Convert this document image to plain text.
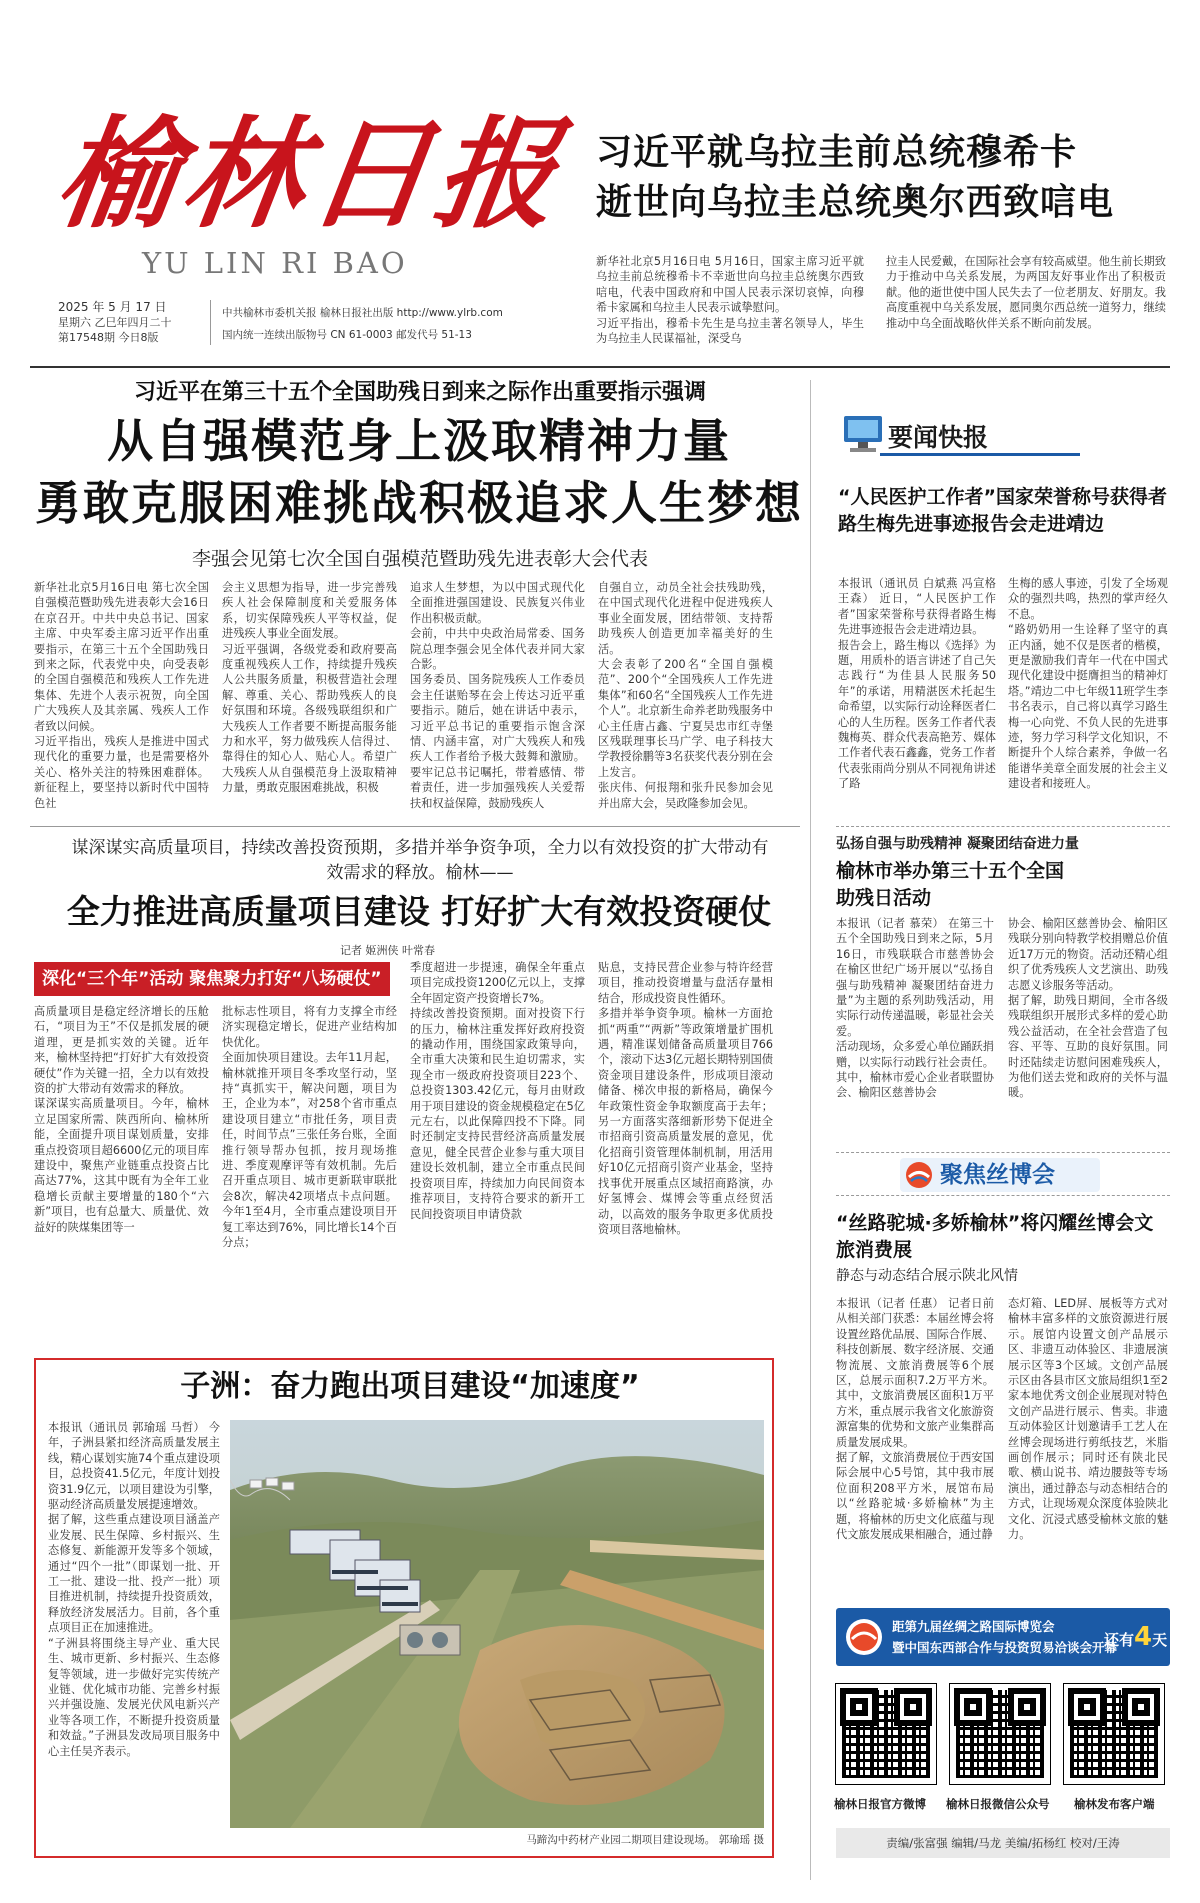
榆林日报
YU LIN RI BAO
2025 年 5 月 17 日
星期六 乙巳年四月二十
第17548期 今日8版
中共榆林市委机关报 榆林日报社出版 http://www.ylrb.com
国内统一连续出版物号 CN 61-0003 邮发代号 51-13
习近平就乌拉圭前总统穆希卡
逝世向乌拉圭总统奥尔西致唁电
新华社北京5月16日电 5月16日，国家主席习近平就乌拉圭前总统穆希卡不幸逝世向乌拉圭总统奥尔西致唁电，代表中国政府和中国人民表示深切哀悼，向穆希卡家属和乌拉圭人民表示诚挚慰问。
习近平指出，穆希卡先生是乌拉圭著名领导人，毕生为乌拉圭人民谋福祉，深受乌
拉圭人民爱戴，在国际社会享有较高威望。他生前长期致力于推动中乌关系发展，为两国友好事业作出了积极贡献。他的逝世使中国人民失去了一位老朋友、好朋友。我高度重视中乌关系发展，愿同奥尔西总统一道努力，继续推动中乌全面战略伙伴关系不断向前发展。
习近平在第三十五个全国助残日到来之际作出重要指示强调
从自强模范身上汲取精神力量
勇敢克服困难挑战积极追求人生梦想
李强会见第七次全国自强模范暨助残先进表彰大会代表
新华社北京5月16日电 第七次全国自强模范暨助残先进表彰大会16日在京召开。中共中央总书记、国家主席、中央军委主席习近平作出重要指示，在第三十五个全国助残日到来之际，代表党中央，向受表彰的全国自强模范和残疾人工作先进集体、先进个人表示祝贺，向全国广大残疾人及其亲属、残疾人工作者致以问候。
习近平指出，残疾人是推进中国式现代化的重要力量，也是需要格外关心、格外关注的特殊困难群体。新征程上，要坚持以新时代中国特色社
会主义思想为指导，进一步完善残疾人社会保障制度和关爱服务体系，切实保障残疾人平等权益，促进残疾人事业全面发展。
习近平强调，各级党委和政府要高度重视残疾人工作，持续提升残疾人公共服务质量，积极营造社会理解、尊重、关心、帮助残疾人的良好氛围和环境。各级残联组织和广大残疾人工作者要不断提高服务能力和水平，努力做残疾人信得过、靠得住的知心人、贴心人。希望广大残疾人从自强模范身上汲取精神力量，勇敢克服困难挑战，积极
追求人生梦想，为以中国式现代化全面推进强国建设、民族复兴伟业作出积极贡献。
会前，中共中央政治局常委、国务院总理李强会见全体代表并同大家合影。
国务委员、国务院残疾人工作委员会主任谌贻琴在会上传达习近平重要指示。随后，她在讲话中表示，习近平总书记的重要指示饱含深情、内涵丰富，对广大残疾人和残疾人工作者给予极大鼓舞和激励。要牢记总书记嘱托，带着感情、带着责任，进一步加强残疾人关爱帮扶和权益保障，鼓励残疾人
自强自立，动员全社会扶残助残，在中国式现代化进程中促进残疾人事业全面发展，团结带领、支持帮助残疾人创造更加幸福美好的生活。
大会表彰了200名“全国自强模范”、200个“全国残疾人工作先进集体”和60名“全国残疾人工作先进个人”。北京新生命养老助残服务中心主任唐占鑫、宁夏吴忠市红寺堡区残联理事长马广学、电子科技大学教授徐鹏等3名获奖代表分别在会上发言。
张庆伟、何报翔和张升民参加会见并出席大会，吴政隆参加会见。
谋深谋实高质量项目，持续改善投资预期，多措并举争资争项，全力以有效投资的扩大带动有效需求的释放。榆林——
全力推进高质量项目建设 打好扩大有效投资硬仗
记者 姬洲侠 叶常春
深化“三个年”活动 聚焦聚力打好“八场硬仗”
高质量项目是稳定经济增长的压舱石，“项目为王”不仅是抓发展的硬道理，更是抓实效的关键。近年来，榆林坚持把“打好扩大有效投资硬仗”作为关键一招，全力以有效投资的扩大带动有效需求的释放。
谋深谋实高质量项目。今年，榆林立足国家所需、陕西所向、榆林所能，全面提升项目谋划质量，安排重点投资项目超6600亿元的项目库建设中，聚焦产业链重点投资占比高达77%，这其中既有为全年工业稳增长贡献主要增量的180个“六新”项目，也有总量大、质量优、效益好的陕煤集团等一
批标志性项目，将有力支撑全市经济实现稳定增长，促进产业结构加快优化。
全面加快项目建设。去年11月起，榆林就推开项目冬季攻坚行动，坚持“真抓实干，解决问题，项目为王，企业为本”，对258个省市重点建设项目建立“市批任务，项目责任，时间节点”三张任务台账，全面推行领导帮办包抓，按月现场推进、季度观摩评等有效机制。先后召开重点项目、城市更新联审联批会8次，解决42项堵点卡点问题。今年1至4月，全市重点建设项目开复工率达到76%，同比增长14个百分点；
季度超进一步提速，确保全年重点项目完成投资1200亿元以上，支撑全年固定资产投资增长7%。
持续改善投资预期。面对投资下行的压力，榆林注重发挥好政府投资的撬动作用，围绕国家政策导向，全市重大决策和民生迫切需求，实现全市一级政府投资项目223个、总投资1303.42亿元，每月由财政用于项目建设的资金规模稳定在5亿元左右，以此保障四投不下降。同时还制定支持民营经济高质量发展意见，健全民营企业参与重大项目建设长效机制，建立全市重点民间投资项目库，持续加力向民间资本推荐项目，支持符合要求的新开工民间投资项目申请贷款
贴息，支持民营企业参与特许经营项目，推动投资增量与盘活存量相结合，形成投资良性循环。
多措并举争资争项。榆林一方面抢抓“两重”“两新”等政策增量扩围机遇，精准谋划储备高质量项目766个，滚动下达3亿元超长期特别国债资金项目建设条件，形成项目滚动储备、梯次申报的新格局，确保今年政策性资金争取额度高于去年；另一方面落实落细新形势下促进全市招商引资高质量发展的意见，优化招商引资管理体制机制，用活用好10亿元招商引资产业基金，坚持找事优开展重点区域招商路演，办好氢博会、煤博会等重点经贸活动，以高效的服务争取更多优质投资项目落地榆林。
子洲：奋力跑出项目建设“加速度”
本报讯（通讯员 郭瑜瑶 马哲） 今年，子洲县紧扣经济高质量发展主线，精心谋划实施74个重点建设项目，总投资41.5亿元，年度计划投资31.9亿元，以项目建设为引擎，驱动经济高质量发展提速增效。
据了解，这些重点建设项目涵盖产业发展、民生保障、乡村振兴、生态修复、新能源开发等多个领域，通过“四个一批”（即谋划一批、开工一批、建设一批、投产一批）项目推进机制，持续提升投资质效，释放经济发展活力。目前，各个重点项目正在加速推进。
“子洲县将围绕主导产业、重大民生、城市更新、乡村振兴、生态修复等领域，进一步做好完实传统产业链、优化城市功能、完善乡村振兴并强设施、发展光伏风电新兴产业等各项工作，不断提升投资质量和效益。”子洲县发改局项目服务中心主任吴齐表示。
马蹄沟中药材产业园二期项目建设现场。 郭瑜瑶 摄
要闻快报
“人民医护工作者”国家荣誉称号获得者路生梅先进事迹报告会走进靖边
本报讯（通讯员 白斌燕 冯宣格 王森） 近日，“人民医护工作者”国家荣誉称号获得者路生梅先进事迹报告会走进靖边县。
报告会上，路生梅以《选择》为题，用质朴的语言讲述了自己矢志践行“为佳县人民服务50年”的承诺，用精湛医术托起生命希望，以实际行动诠释医者仁心的人生历程。医务工作者代表魏梅英、群众代表高艳芳、媒体工作者代表石鑫鑫，党务工作者代表张雨尚分别从不同视角讲述了路
生梅的感人事迹，引发了全场观众的强烈共鸣，热烈的掌声经久不息。
“路奶奶用一生诠释了坚守的真正内涵，她不仅是医者的楷模，更是激励我们青年一代在中国式现代化建设中挺膺担当的精神灯塔。”靖边二中七年级11班学生李书名表示，自己将以真学习路生梅一心向党、不负人民的先进事迹，努力学习科学文化知识，不断提升个人综合素养，争做一名能谱华美章全面发展的社会主义建设者和接班人。
弘扬自强与助残精神 凝聚团结奋进力量
榆林市举办第三十五个全国助残日活动
本报讯（记者 慕荣） 在第三十五个全国助残日到来之际，5月16日，市残联联合市慈善协会在榆区世纪广场开展以“弘扬自强与助残精神 凝聚团结奋进力量”为主题的系列助残活动，用实际行动传递温暖，彰显社会关爱。
活动现场，众多爱心单位踊跃捐赠，以实际行动践行社会责任。其中，榆林市爱心企业者联盟协会、榆阳区慈善协会
协会、榆阳区慈善协会、榆阳区残联分别向特教学校捐赠总价值近17万元的物资。活动还精心组织了优秀残疾人文艺演出、助残志愿义诊服务等活动。
据了解，助残日期间，全市各级残联组织开展形式多样的爱心助残公益活动，在全社会营造了包容、平等、互助的良好氛围。同时还陆续走访慰问困难残疾人，为他们送去党和政府的关怀与温暖。
聚焦丝博会
“丝路驼城·多娇榆林”将闪耀丝博会文旅消费展
静态与动态结合展示陕北风情
本报讯（记者 任惠） 记者日前从相关部门获悉：本届丝博会将设置丝路优品展、国际合作展、科技创新展、数字经济展、交通物流展、文旅消费展等6个展区，总展示面积7.2万平方米。其中，文旅消费展区面积1万平方米，重点展示我省文化旅游资源富集的优势和文旅产业集群高质量发展成果。
据了解，文旅消费展位于西安国际会展中心5号馆，其中我市展位面积208平方米，展馆布局以“丝路驼城·多娇榆林”为主题，将榆林的历史文化底蕴与现代文旅发展成果相融合，通过静
态灯箱、LED屏、展板等方式对榆林丰富多样的文旅资源进行展示。展馆内设置文创产品展示区、非遗互动体验区、非遗展演展示区等3个区域。文创产品展示区由各县市区文旅局组织1至2家本地优秀文创企业展现对特色文创产品进行展示、售卖。非遗互动体验区计划邀请手工艺人在丝博会现场进行剪纸技艺，米脂画创作展示；同时还有陕北民歌、横山说书、靖边腰鼓等专场演出，通过静态与动态相结合的方式，让现场观众深度体验陕北文化、沉浸式感受榆林文旅的魅力。
距第九届丝绸之路国际博览会
暨中国东西部合作与投资贸易洽谈会开幕
还有4天
榆林日报官方微博	榆林日报微信公众号	榆林发布客户端
责编/张富强 编辑/马龙 美编/拓杨红 校对/王涛
